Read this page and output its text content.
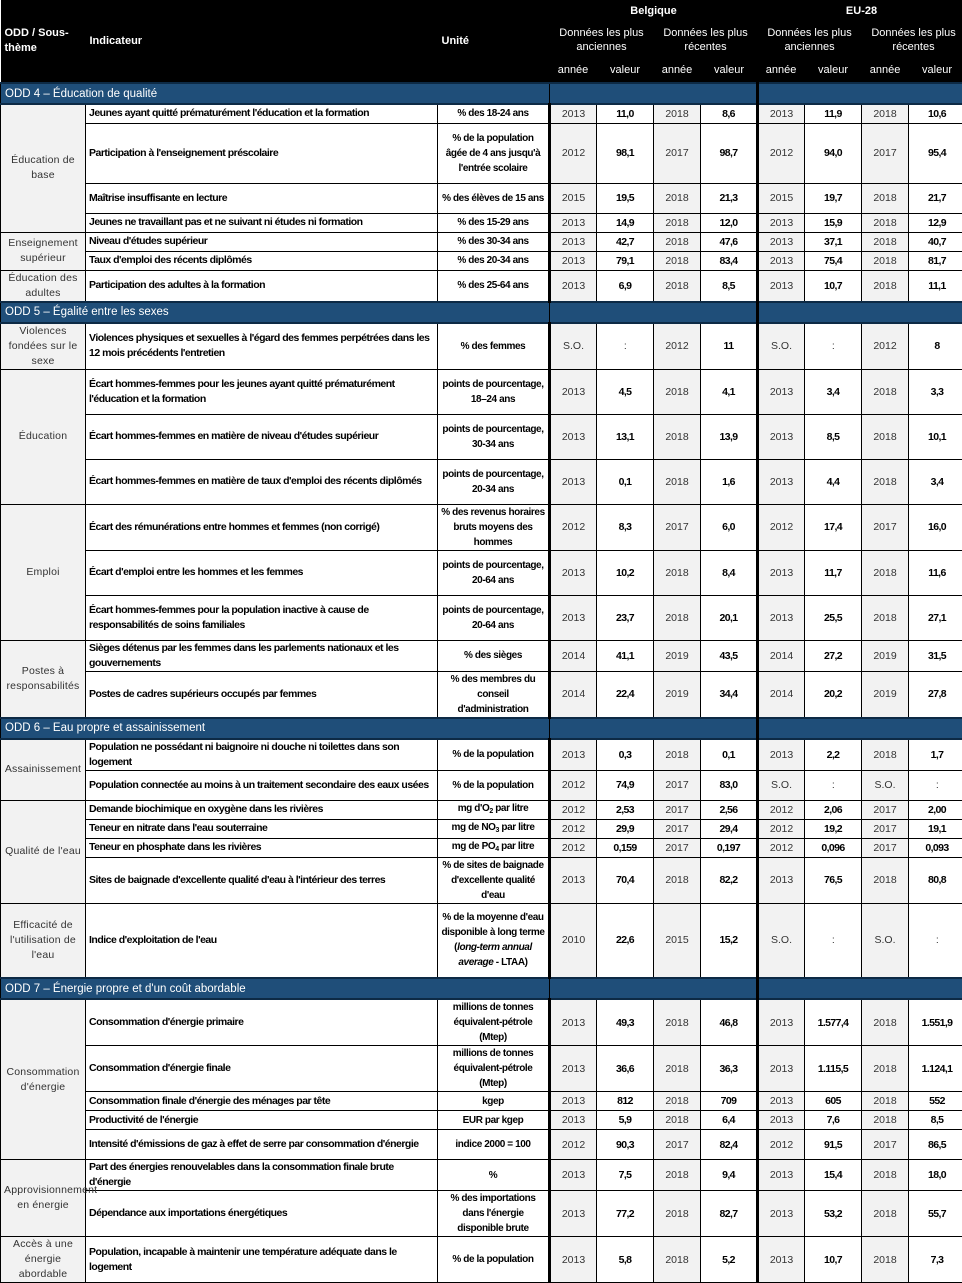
ODD / Sous-thème	Indicateur	Unité	Belgique				EU-28			
			Données les plus anciennes		Données les plus récentes		Données les plus anciennes		Données les plus récentes	
			année	valeur	année	valeur	année	valeur	année	valeur
ODD 4 – Éducation de qualité										
Éducation de base	Jeunes ayant quitté prématurément l'éducation et la formation	% des 18-24 ans	2013	11,0	2018	8,6	2013	11,9	2018	10,6
	Participation à l'enseignement préscolaire	% de la population âgée de 4 ans jusqu'à l'entrée scolaire	2012	98,1	2017	98,7	2012	94,0	2017	95,4
	Maîtrise insuffisante en lecture	% des élèves de 15 ans	2015	19,5	2018	21,3	2015	19,7	2018	21,7
	Jeunes ne travaillant pas et ne suivant ni études ni formation	% des 15-29 ans	2013	14,9	2018	12,0	2013	15,9	2018	12,9
Enseignement supérieur	Niveau d'études supérieur	% des 30-34 ans	2013	42,7	2018	47,6	2013	37,1	2018	40,7
	Taux d'emploi des récents diplômés	% des 20-34 ans	2013	79,1	2018	83,4	2013	75,4	2018	81,7
Éducation des adultes	Participation des adultes à la formation	% des 25-64 ans	2013	6,9	2018	8,5	2013	10,7	2018	11,1
ODD 5 – Égalité entre les sexes										
Violences fondées sur le sexe	Violences physiques et sexuelles à l'égard des femmes perpétrées dans les 12 mois précédents l'entretien	% des femmes	S.O.	:	2012	11	S.O.	:	2012	8
Éducation	Écart hommes-femmes pour les jeunes ayant quitté prématurément l'éducation et la formation	points de pourcentage, 18–24 ans	2013	4,5	2018	4,1	2013	3,4	2018	3,3
	Écart hommes-femmes en matière de niveau d'études supérieur	points de pourcentage, 30-34 ans	2013	13,1	2018	13,9	2013	8,5	2018	10,1
	Écart hommes-femmes en matière de taux d'emploi des récents diplômés	points de pourcentage, 20-34 ans	2013	0,1	2018	1,6	2013	4,4	2018	3,4
Emploi	Écart des rémunérations entre hommes et femmes (non corrigé)	% des revenus horaires bruts moyens des hommes	2012	8,3	2017	6,0	2012	17,4	2017	16,0
	Écart d'emploi entre les hommes et les femmes	points de pourcentage, 20-64 ans	2013	10,2	2018	8,4	2013	11,7	2018	11,6
	Écart hommes-femmes pour la population inactive à cause de responsabilités de soins familiales	points de pourcentage, 20-64 ans	2013	23,7	2018	20,1	2013	25,5	2018	27,1
Postes à responsabilités	Sièges détenus par les femmes dans les parlements nationaux et les gouvernements	% des sièges	2014	41,1	2019	43,5	2014	27,2	2019	31,5
	Postes de cadres supérieurs occupés par femmes	% des membres du conseil d'administration	2014	22,4	2019	34,4	2014	20,2	2019	27,8
ODD 6 – Eau propre et assainissement										
Assainissement	Population ne possédant ni baignoire ni douche ni toilettes dans son logement	% de la population	2013	0,3	2018	0,1	2013	2,2	2018	1,7
	Population connectée au moins à un traitement secondaire des eaux usées	% de la population	2012	74,9	2017	83,0	S.O.	:	S.O.	:
Qualité de l'eau	Demande biochimique en oxygène dans les rivières	mg $d'O_2$ par litre	2012	2,53	2017	2,56	2012	2,06	2017	2,00
	Teneur en nitrate dans l'eau souterraine	mg de $NO_3$ par litre	2012	29,9	2017	29,4	2012	19,2	2017	19,1
	Teneur en phosphate dans les rivières	mg de $PO_4$ par litre	2012	0,159	2017	0,197	2012	0,096	2017	0,093
	Sites de baignade d'excellente qualité d'eau à l'intérieur des terres	% de sites de baignade d'excellente qualité d'eau	2013	70,4	2018	82,2	2013	76,5	2018	80,8
Efficacité de l'utilisation de l'eau	Indice d'exploitation de l'eau	% de la moyenne d'eau disponible à long terme (long-term annual average - LTAA)	2010	22,6	2015	15,2	S.O.	:	S.O.	:
ODD 7 – Énergie propre et d'un coût abordable										
Consommation d'énergie	Consommation d'énergie primaire	millions de tonnes équivalent-pétrole (Mtep)	2013	49,3	2018	46,8	2013	1.577,4	2018	1.551,9
	Consommation d'énergie finale	millions de tonnes équivalent-pétrole (Mtep)	2013	36,6	2018	36,3	2013	1.115,5	2018	1.124,1
	Consommation finale d'énergie des ménages par tête	kgep	2013	812	2018	709	2013	605	2018	552
	Productivité de l'énergie	EUR par kgep	2013	5,9	2018	6,4	2013	7,6	2018	8,5
	Intensité d'émissions de gaz à effet de serre par consommation d'énergie	indice 2000 = 100	2012	90,3	2017	82,4	2012	91,5	2017	86,5
Approvisionnement en énergie	Part des énergies renouvelables dans la consommation finale brute d'énergie	%	2013	7,5	2018	9,4	2013	15,4	2018	18,0
	Dépendance aux importations énergétiques	% des importations dans l'énergie disponible brute	2013	77,2	2018	82,7	2013	53,2	2018	55,7
Accès à une énergie abordable	Population, incapable à maintenir une température adéquate dans le logement	% de la population	2013	5,8	2018	5,2	2013	10,7	2018	7,3
